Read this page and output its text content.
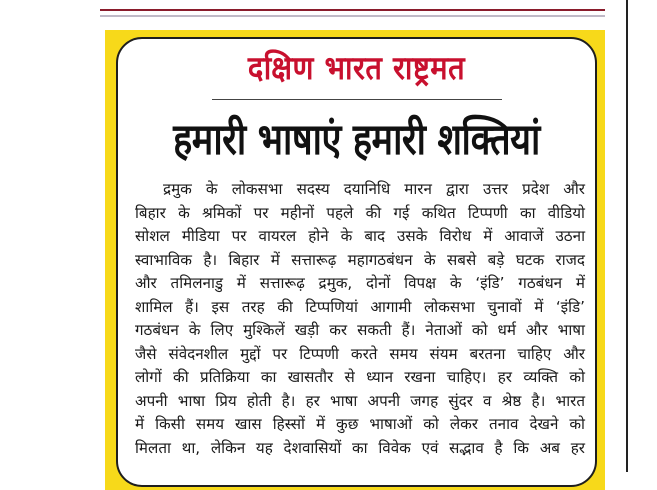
दक्षिण भारत राष्ट्रमत
हमारी भाषाएं हमारी शक्तियां
द्रमुक के लोकसभा सदस्य दयानिधि मारन द्वारा उत्तर प्रदेश और
बिहार के श्रमिकों पर महीनों पहले की गई कथित टिप्पणी का वीडियो
सोशल मीडिया पर वायरल होने के बाद उसके विरोध में आवाजें उठना
स्वाभाविक है। बिहार में सत्तारूढ़ महागठबंधन के सबसे बड़े घटक राजद
और तमिलनाडु में सत्तारूढ़ द्रमुक, दोनों विपक्ष के ‘इंडि’ गठबंधन में
शामिल हैं। इस तरह की टिप्पणियां आगामी लोकसभा चुनावों में ‘इंडि’
गठबंधन के लिए मुश्किलें खड़ी कर सकती हैं। नेताओं को धर्म और भाषा
जैसे संवेदनशील मुद्दों पर टिप्पणी करते समय संयम बरतना चाहिए और
लोगों की प्रतिक्रिया का खासतौर से ध्यान रखना चाहिए। हर व्यक्ति को
अपनी भाषा प्रिय होती है। हर भाषा अपनी जगह सुंदर व श्रेष्ठ है। भारत
में किसी समय खास हिस्सों में कुछ भाषाओं को लेकर तनाव देखने को
मिलता था, लेकिन यह देशवासियों का विवेक एवं सद्भाव है कि अब हर
